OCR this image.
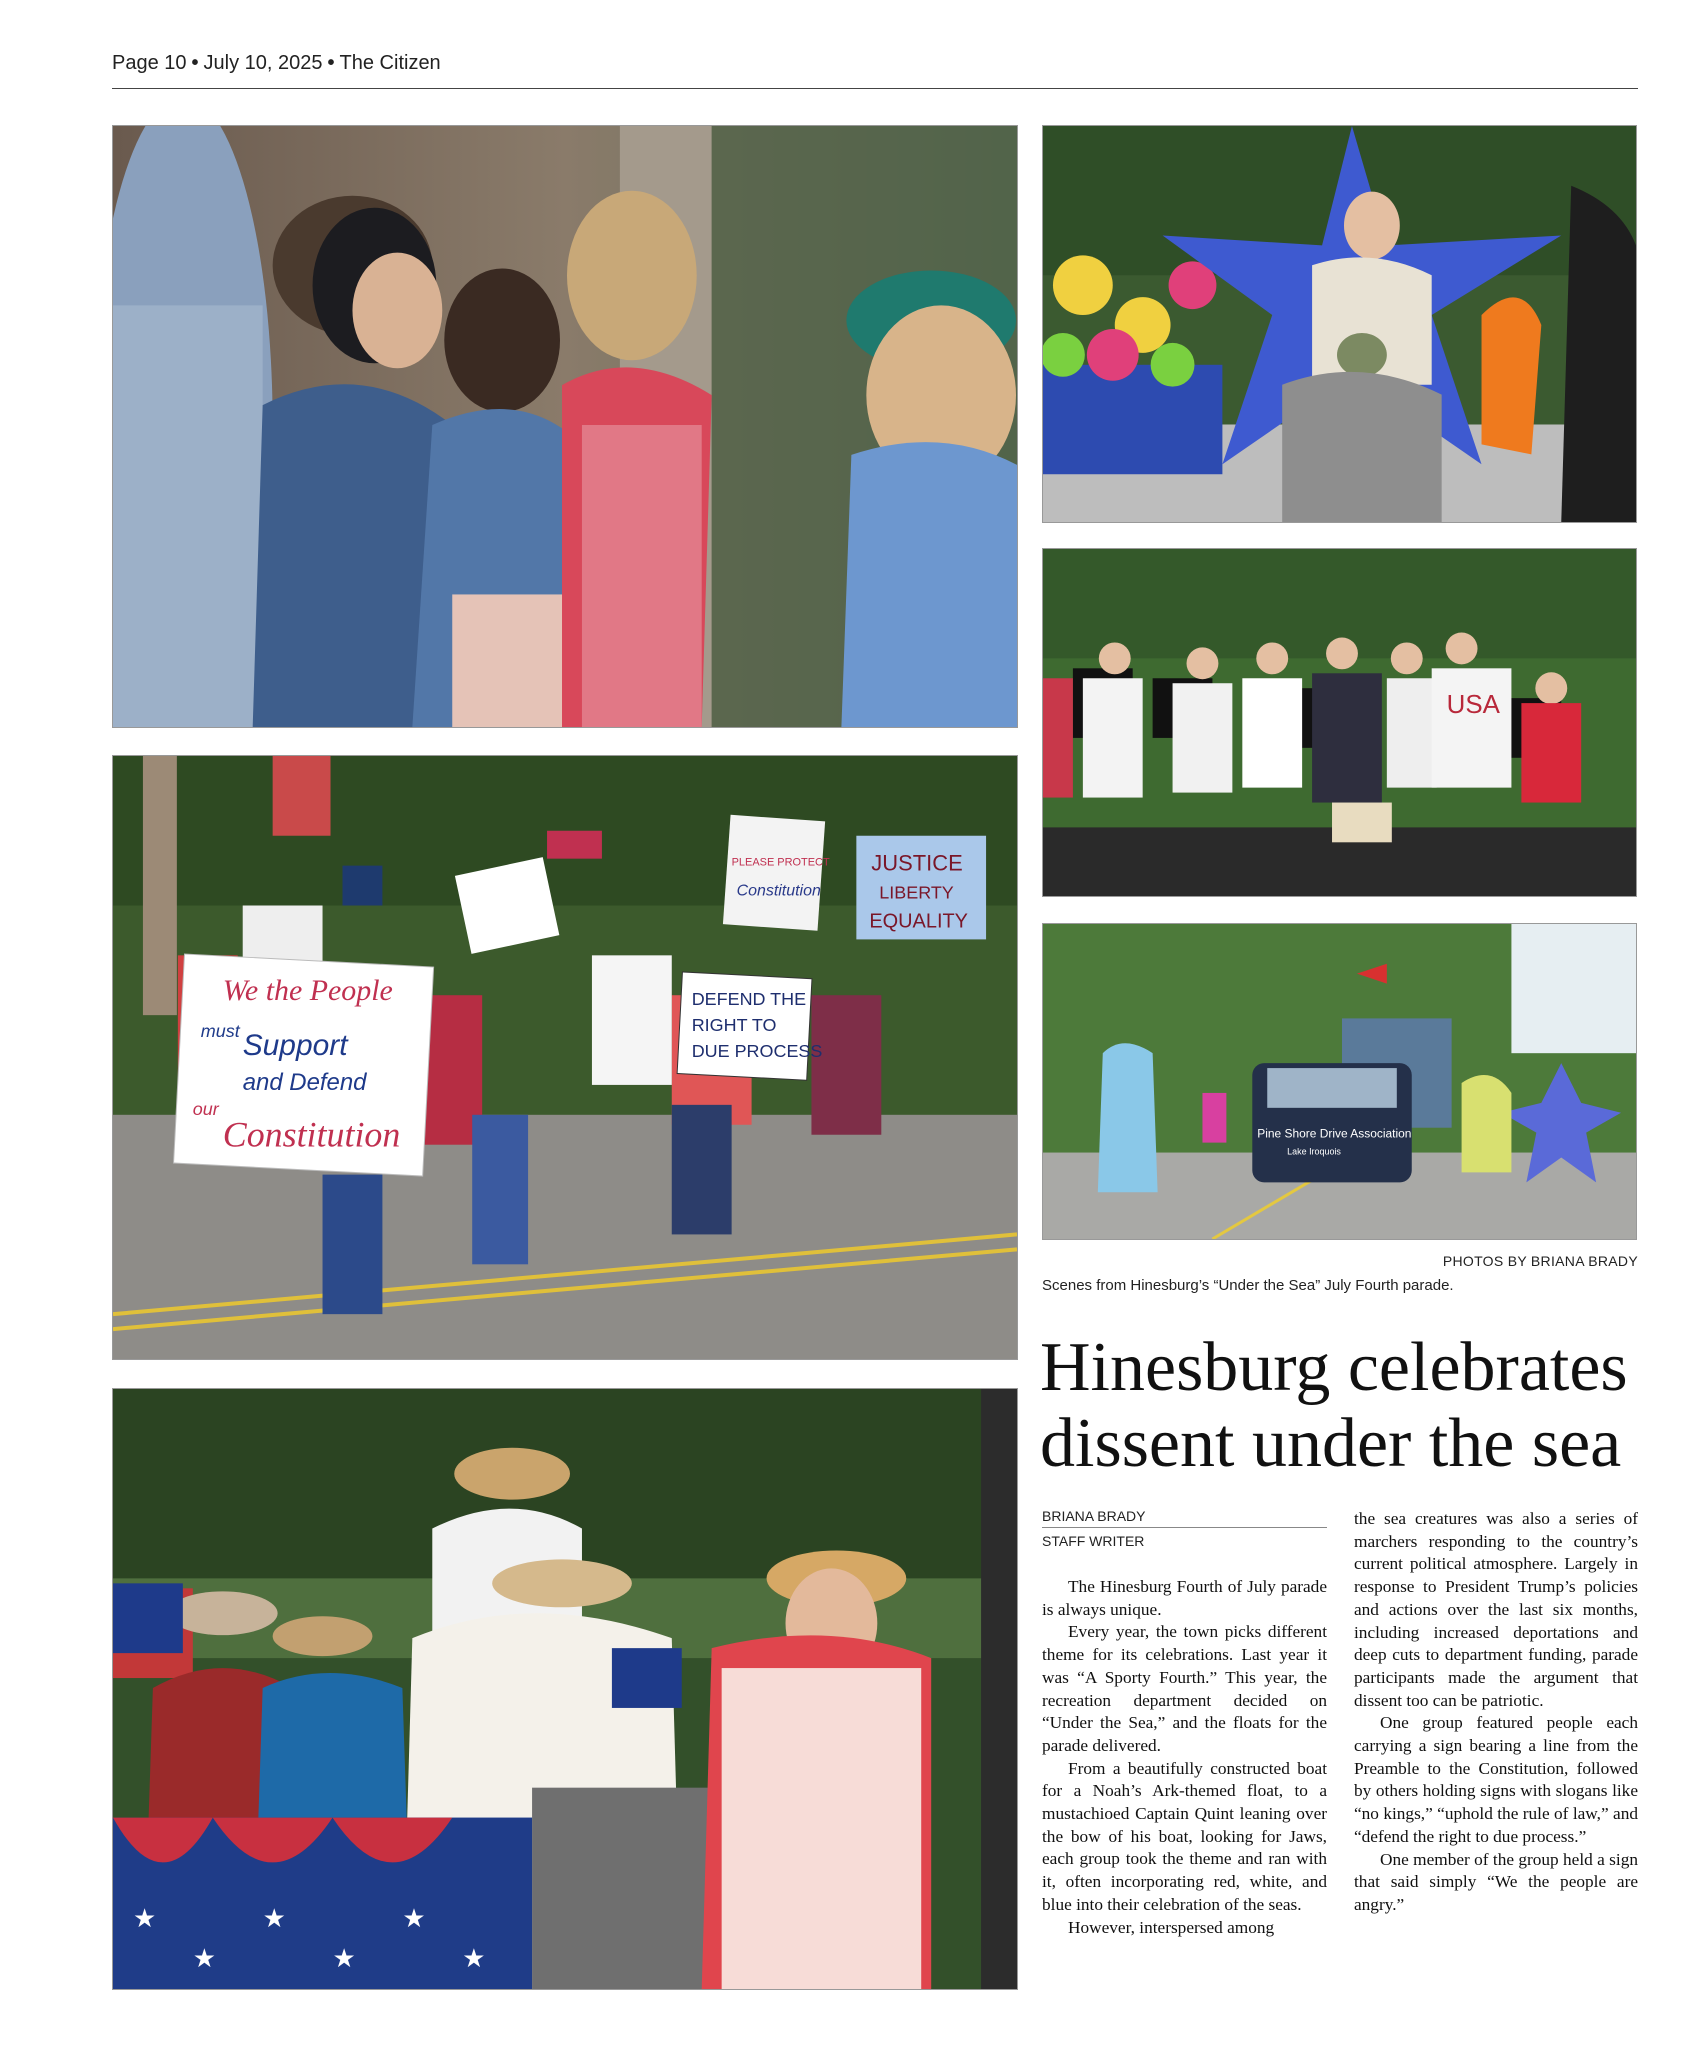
Page 10 • July 10, 2025 • The Citizen
We the People
must Support
and Defend
our
Constitution
DEFEND THE
RIGHT TO
DUE PROCESS
JUSTICE
LIBERTY
EQUALITY
PLEASE PROTECT
Constitution
★
★
★
★
★
★
USA
Pine Shore Drive Association
Lake Iroquois
PHOTOS BY BRIANA BRADY
Scenes from Hinesburg’s “Under the Sea” July Fourth parade.
Hinesburg celebrates
dissent under the sea
BRIANA BRADY
STAFF WRITER

The Hinesburg Fourth of July parade is always unique.

Every year, the town picks different theme for its celebrations. Last year it was “A Sporty Fourth.” This year, the recreation department decided on “Under the Sea,” and the floats for the parade delivered.

From a beautifully constructed boat for a Noah’s Ark-themed float, to a mustachioed Captain Quint leaning over the bow of his boat, looking for Jaws, each group took the theme and ran with it, often incorporating red, white, and blue into their celebration of the seas.

However, interspersed among

the sea creatures was also a series of marchers responding to the country’s current political atmosphere. Largely in response to President Trump’s policies and actions over the last six months, including increased deportations and deep cuts to department funding, parade participants made the argument that dissent too can be patriotic.

One group featured people each carrying a sign bearing a line from the Preamble to the Constitution, followed by others holding signs with slogans like “no kings,” “uphold the rule of law,” and “defend the right to due process.”

One member of the group held a sign that said simply “We the people are angry.”
